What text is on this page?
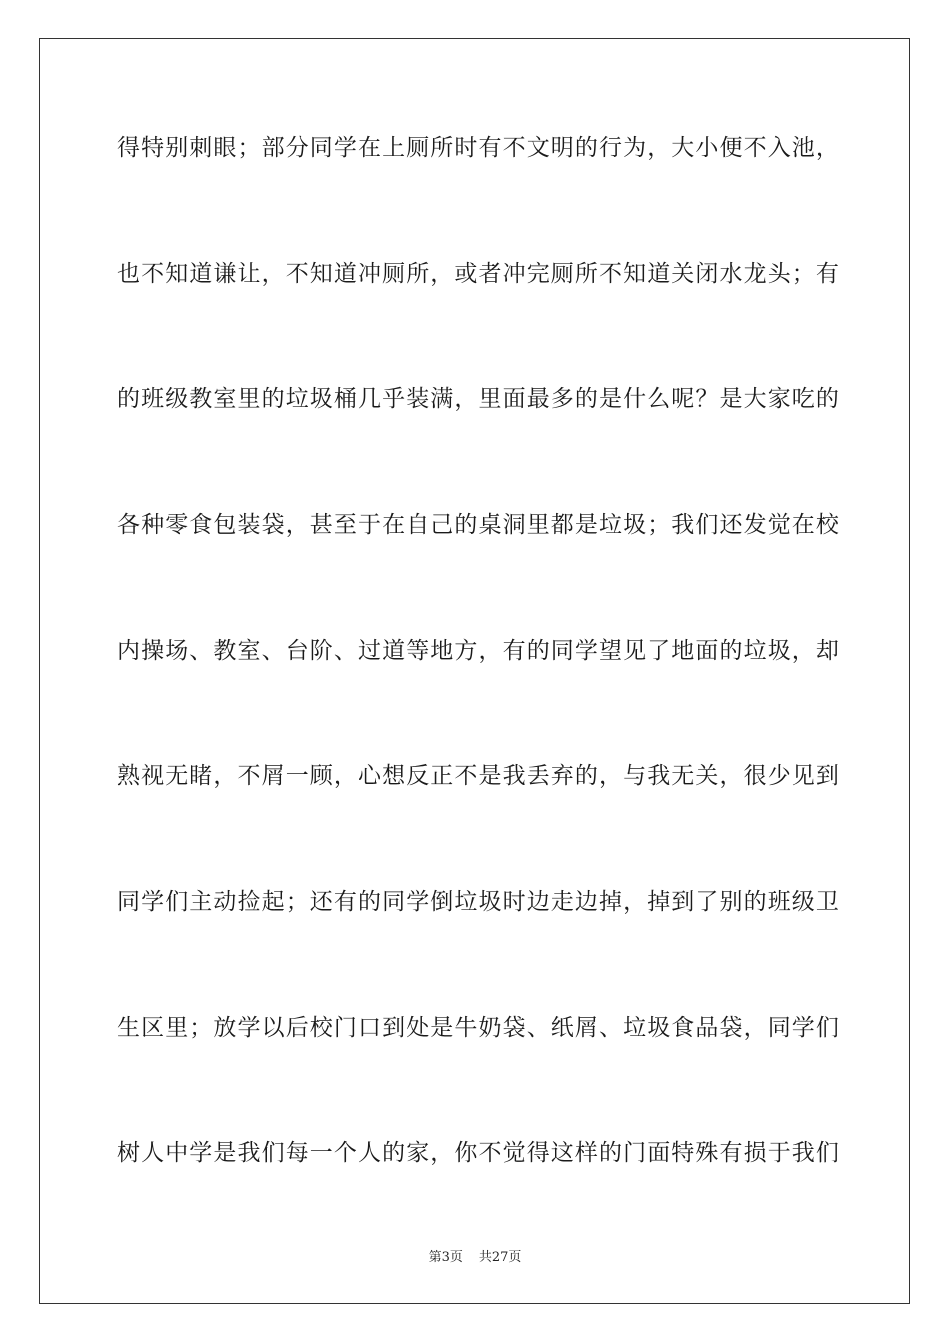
得特别刺眼；部分同学在上厕所时有不文明的行为，大小便不入池，
也不知道谦让，不知道冲厕所，或者冲完厕所不知道关闭水龙头；有
的班级教室里的垃圾桶几乎装满，里面最多的是什么呢？是大家吃的
各种零食包装袋，甚至于在自己的桌洞里都是垃圾；我们还发觉在校
内操场、教室、台阶、过道等地方，有的同学望见了地面的垃圾，却
熟视无睹，不屑一顾，心想反正不是我丢弃的，与我无关，很少见到
同学们主动捡起；还有的同学倒垃圾时边走边掉，掉到了别的班级卫
生区里；放学以后校门口到处是牛奶袋、纸屑、垃圾食品袋，同学们
树人中学是我们每一个人的家，你不觉得这样的门面特殊有损于我们
第3页 共27页
